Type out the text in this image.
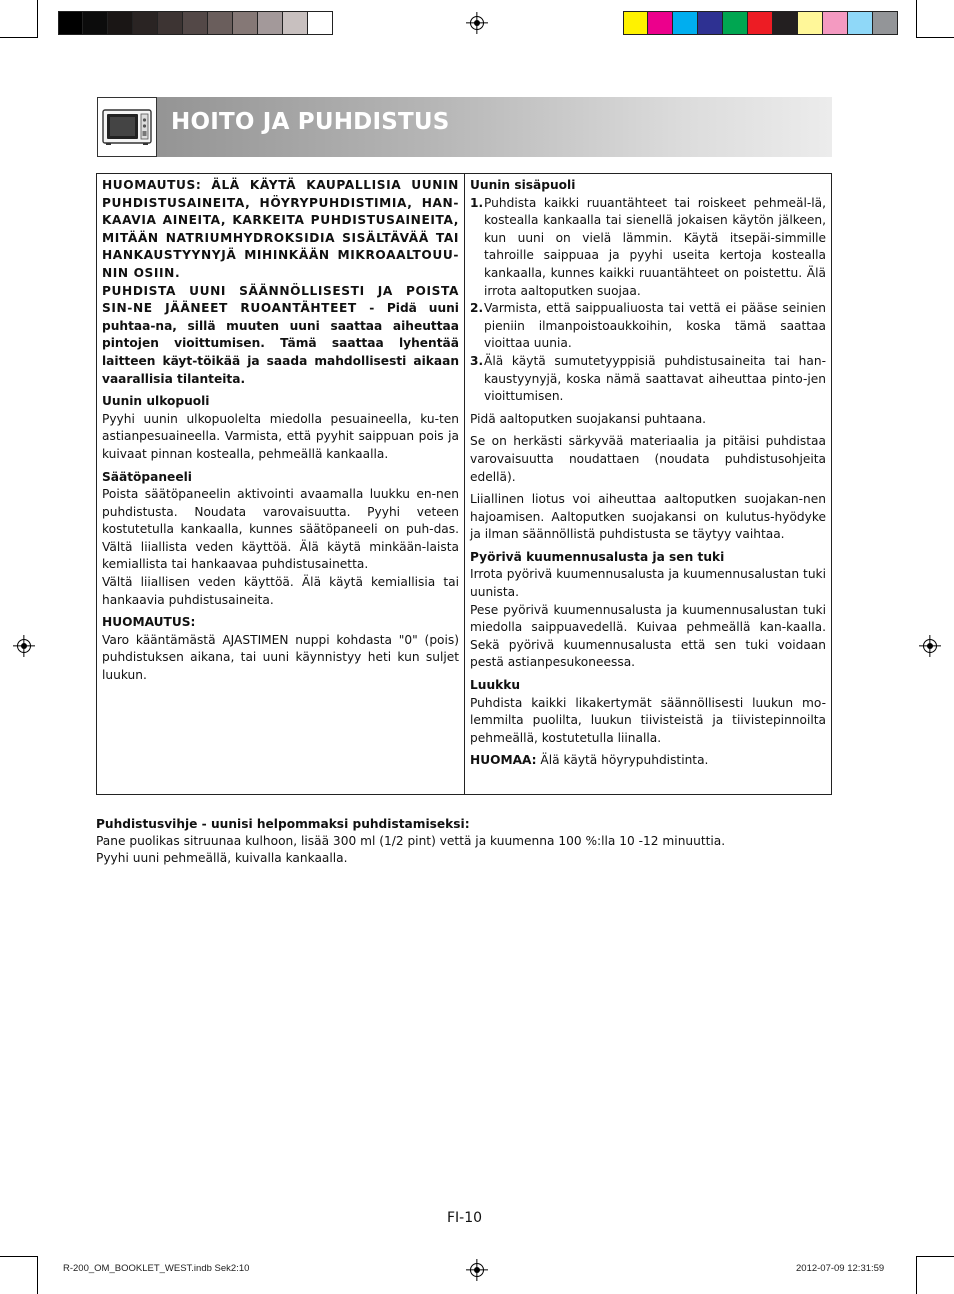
HOITO JA PUHDISTUS

HUOMAUTUS: ÄLÄ KÄYTÄ KAUPALLISIA UUNIN PUHDISTUSAINEITA, HÖYRYPUHDISTIMIA, HAN-KAAVIA AINEITA, KARKEITA PUHDISTUSAINEITA, MITÄÄN NATRIUMHYDROKSIDIA SISÄLTÄVÄÄ TAI HANKAUSTYYNYJÄ MIHINKÄÄN MIKROAALTOUU-NIN OSIIN.

PUHDISTA UUNI SÄÄNNÖLLISESTI JA POISTA SIN-NE JÄÄNEET RUOANTÄHTEET - Pidä uuni puhtaa-na, sillä muuten uuni saattaa aiheuttaa pintojen vioittumisen. Tämä saattaa lyhentää laitteen käyt-töikää ja saada mahdollisesti aikaan vaarallisia tilanteita.

Uunin ulkopuoli

Pyyhi uunin ulkopuolelta miedolla pesuaineella, ku-ten astianpesuaineella. Varmista, että pyyhit saippuan pois ja kuivaat pinnan kostealla, pehmeällä kankaalla.

Säätöpaneeli

Poista säätöpaneelin aktivointi avaamalla luukku en-nen puhdistusta. Noudata varovaisuutta. Pyyhi veteen kostutetulla kankaalla, kunnes säätöpaneeli on puh-das. Vältä liiallista veden käyttöä. Älä käytä minkään-laista kemiallista tai hankaavaa puhdistusainetta.

Vältä liiallisen veden käyttöä. Älä käytä kemiallisia tai hankaavia puhdistusaineita.

HUOMAUTUS:

Varo kääntämästä AJASTIMEN nuppi kohdasta "0" (pois) puhdistuksen aikana, tai uuni käynnistyy heti kun suljet luukun.

Uunin sisäpuoli

1. Puhdista kaikki ruuantähteet tai roiskeet pehmeäl-lä, kostealla kankaalla tai sienellä jokaisen käytön jälkeen, kun uuni on vielä lämmin. Käytä itsepäi-simmille tahroille saippuaa ja pyyhi useita kertoja kostealla kankaalla, kunnes kaikki ruuantähteet on poistettu. Älä irrota aaltoputken suojaa.

2. Varmista, että saippualiuosta tai vettä ei pääse seinien pieniin ilmanpoistoaukkoihin, koska tämä saattaa vioittaa uunia.

3. Älä käytä sumutetyyppisiä puhdistusaineita tai han-kaustyynyjä, koska nämä saattavat aiheuttaa pinto-jen vioittumisen.

Pidä aaltoputken suojakansi puhtaana.

Se on herkästi särkyvää materiaalia ja pitäisi puhdistaa varovaisuutta noudattaen (noudata puhdistusohjeita edellä).

Liiallinen liotus voi aiheuttaa aaltoputken suojakan-nen hajoamisen. Aaltoputken suojakansi on kulutus-hyödyke ja ilman säännöllistä puhdistusta se täytyy vaihtaa.

Pyörivä kuumennusalusta ja sen tuki

Irrota pyörivä kuumennusalusta ja kuumennusalustan tuki uunista.

Pese pyörivä kuumennusalusta ja kuumennusalustan tuki miedolla saippuavedellä. Kuivaa pehmeällä kan-kaalla. Sekä pyörivä kuumennusalusta että sen tuki voidaan pestä astianpesukoneessa.

Luukku

Puhdista kaikki likakertymät säännöllisesti luukun mo-lemmilta puolilta, luukun tiivisteistä ja tiivistepinnoilta pehmeällä, kostutetulla liinalla.

HUOMAA: Älä käytä höyrypuhdistinta.

Puhdistusvihje - uunisi helpommaksi puhdistamiseksi:

Pane puolikas sitruunaa kulhoon, lisää 300 ml (1/2 pint) vettä ja kuumenna 100 %:lla 10 -12 minuuttia.

Pyyhi uuni pehmeällä, kuivalla kankaalla.

FI-10
R-200_OM_BOOKLET_WEST.indb Sek2:10	2012-07-09 12:31:59
